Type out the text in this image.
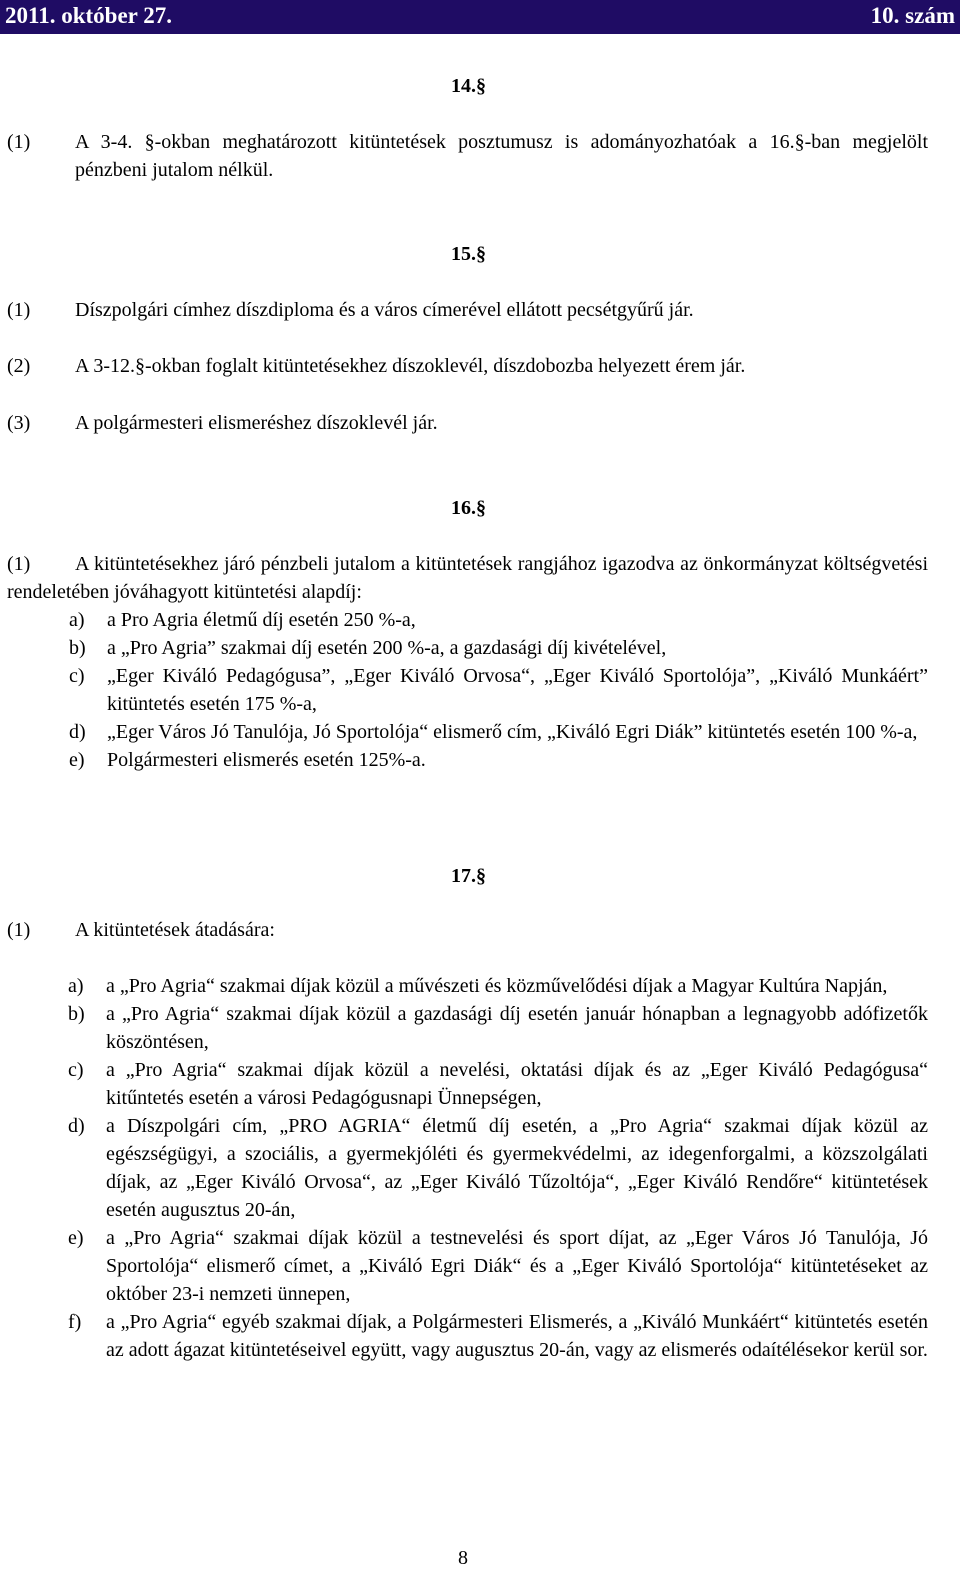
2011. október 27.	10. szám
14.§
(1) A 3-4. §-okban meghatározott kitüntetések posztumusz is adományozhatóak a 16.§-ban megjelölt pénzbeni jutalom nélkül.
15.§
(1) Díszpolgári címhez díszdiploma és a város címerével ellátott pecsétgyűrű jár.
(2) A 3-12.§-okban foglalt kitüntetésekhez díszoklevél, díszdobozba helyezett érem jár.
(3) A polgármesteri elismeréshez díszoklevél jár.
16.§
(1)	A kitüntetésekhez járó pénzbeli jutalom a kitüntetések rangjához igazodva az önkormányzat költségvetési rendeletében jóváhagyott kitüntetési alapdíj:
a) a Pro Agria életmű díj esetén 250 %-a,
b) a „Pro Agria” szakmai díj esetén 200 %-a, a gazdasági díj kivételével,
c) „Eger Kiváló Pedagógusa”, „Eger Kiváló Orvosa“, „Eger Kiváló Sportolója”, „Kiváló Munkáért” kitüntetés esetén 175 %-a,
d) „Eger Város Jó Tanulója, Jó Sportolója“ elismerő cím, „Kiváló Egri Diák” kitüntetés esetén 100 %-a,
e) Polgármesteri elismerés esetén 125%-a.
17.§
(1) A kitüntetések átadására:
a) a „Pro Agria“ szakmai díjak közül a művészeti és közművelődési díjak a Magyar Kultúra Napján,
b) a „Pro Agria“ szakmai díjak közül a gazdasági díj esetén január hónapban a legnagyobb adófizetők köszöntésen,
c) a „Pro Agria“ szakmai díjak közül a nevelési, oktatási díjak és az „Eger Kiváló Pedagógusa“ kitűntetés esetén a városi Pedagógusnapi Ünnepségen,
d) a Díszpolgári cím, „PRO AGRIA“ életmű díj esetén, a „Pro Agria“ szakmai díjak közül az egészségügyi, a szociális, a gyermekjóléti és gyermekvédelmi, az idegenforgalmi, a közszolgálati díjak, az „Eger Kiváló Orvosa“, az „Eger Kiváló Tűzoltója“, „Eger Kiváló Rendőre“ kitüntetések esetén augusztus 20-án,
e) a „Pro Agria“ szakmai díjak közül a testnevelési és sport díjat, az „Eger Város Jó Tanulója, Jó Sportolója“ elismerő címet, a „Kiváló Egri Diák“ és a „Eger Kiváló Sportolója“ kitüntetéseket az október 23-i nemzeti ünnepen,
f) a „Pro Agria“ egyéb szakmai díjak, a Polgármesteri Elismerés, a „Kiváló Munkáért“ kitüntetés esetén az adott ágazat kitüntetéseivel együtt, vagy augusztus 20-án, vagy az elismerés odaítélésekor kerül sor.
8
